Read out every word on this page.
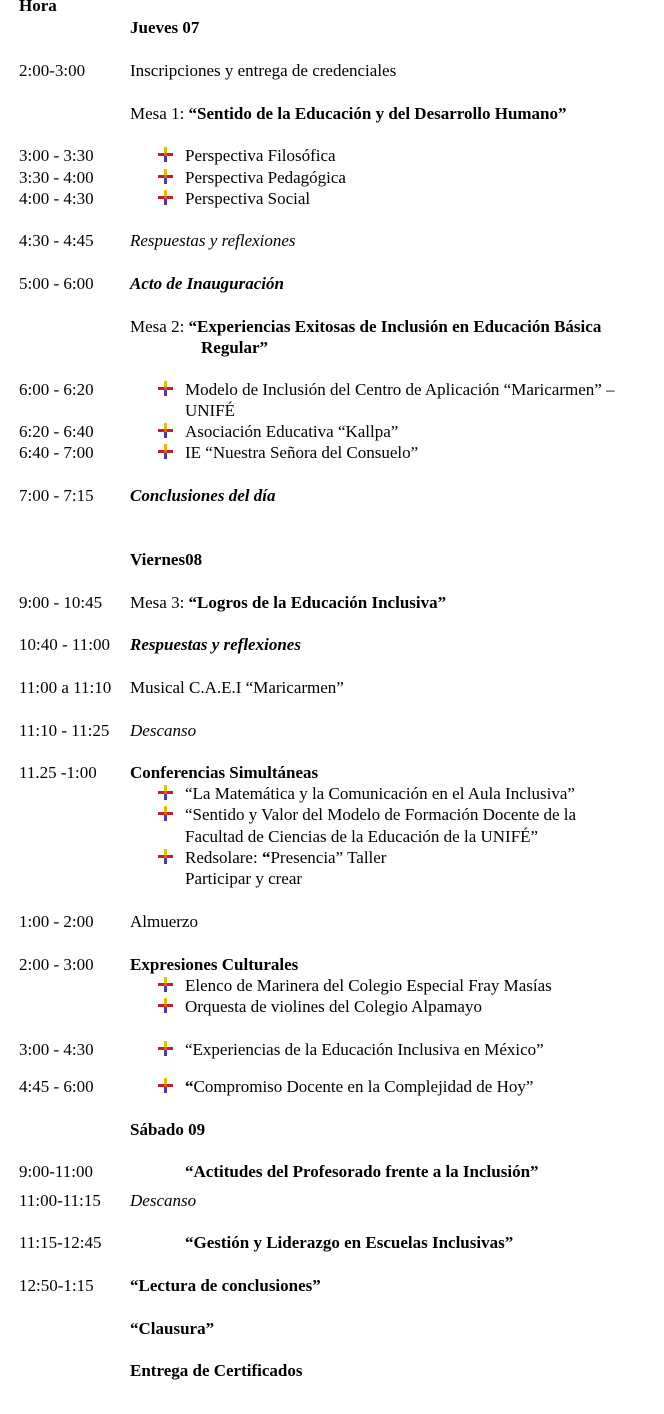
Hora
Jueves 07
2:00-3:00	Inscripciones y entrega de credenciales
Mesa 1: “Sentido de la Educación y del Desarrollo Humano”
3:00 - 3:30	Perspectiva Filosófica
3:30 - 4:00	Perspectiva Pedagógica
4:00 - 4:30	Perspectiva Social
4:30 - 4:45 Respuestas y reflexiones
5:00 - 6:00 Acto de Inauguración
Mesa 2: “Experiencias Exitosas de Inclusión en Educación Básica
Regular”
6:00 - 6:20	Modelo de Inclusión del Centro de Aplicación “Maricarmen” –
UNIFÉ
6:20 - 6:40	Asociación Educativa “Kallpa”
6:40 - 7:00	IE “Nuestra Señora del Consuelo”
7:00 - 7:15 Conclusiones del día
Viernes08
9:00 - 10:45 Mesa 3: “Logros de la Educación Inclusiva”
10:40 - 11:00 Respuestas y reflexiones
11:00 a 11:10 Musical C.A.E.I “Maricarmen”
11:10 - 11:25 Descanso
11.25 -1:00 Conferencias Simultáneas
“La Matemática y la Comunicación en el Aula Inclusiva”
“Sentido y Valor del Modelo de Formación Docente de la
Facultad de Ciencias de la Educación de la UNIFÉ”
Redsolare: “Presencia” Taller
Participar y crear
1:00 - 2:00 Almuerzo
2:00 - 3:00 Expresiones Culturales
Elenco de Marinera del Colegio Especial Fray Masías
Orquesta de violines del Colegio Alpamayo
3:00 - 4:30	“Experiencias de la Educación Inclusiva en México”
4:45 - 6:00	“Compromiso Docente en la Complejidad de Hoy”
Sábado 09
9:00-11:00	“Actitudes del Profesorado frente a la Inclusión”
11:00-11:15 Descanso
11:15-12:45	“Gestión y Liderazgo en Escuelas Inclusivas”
12:50-1:15 “Lectura de conclusiones”
“Clausura”
Entrega de Certificados
